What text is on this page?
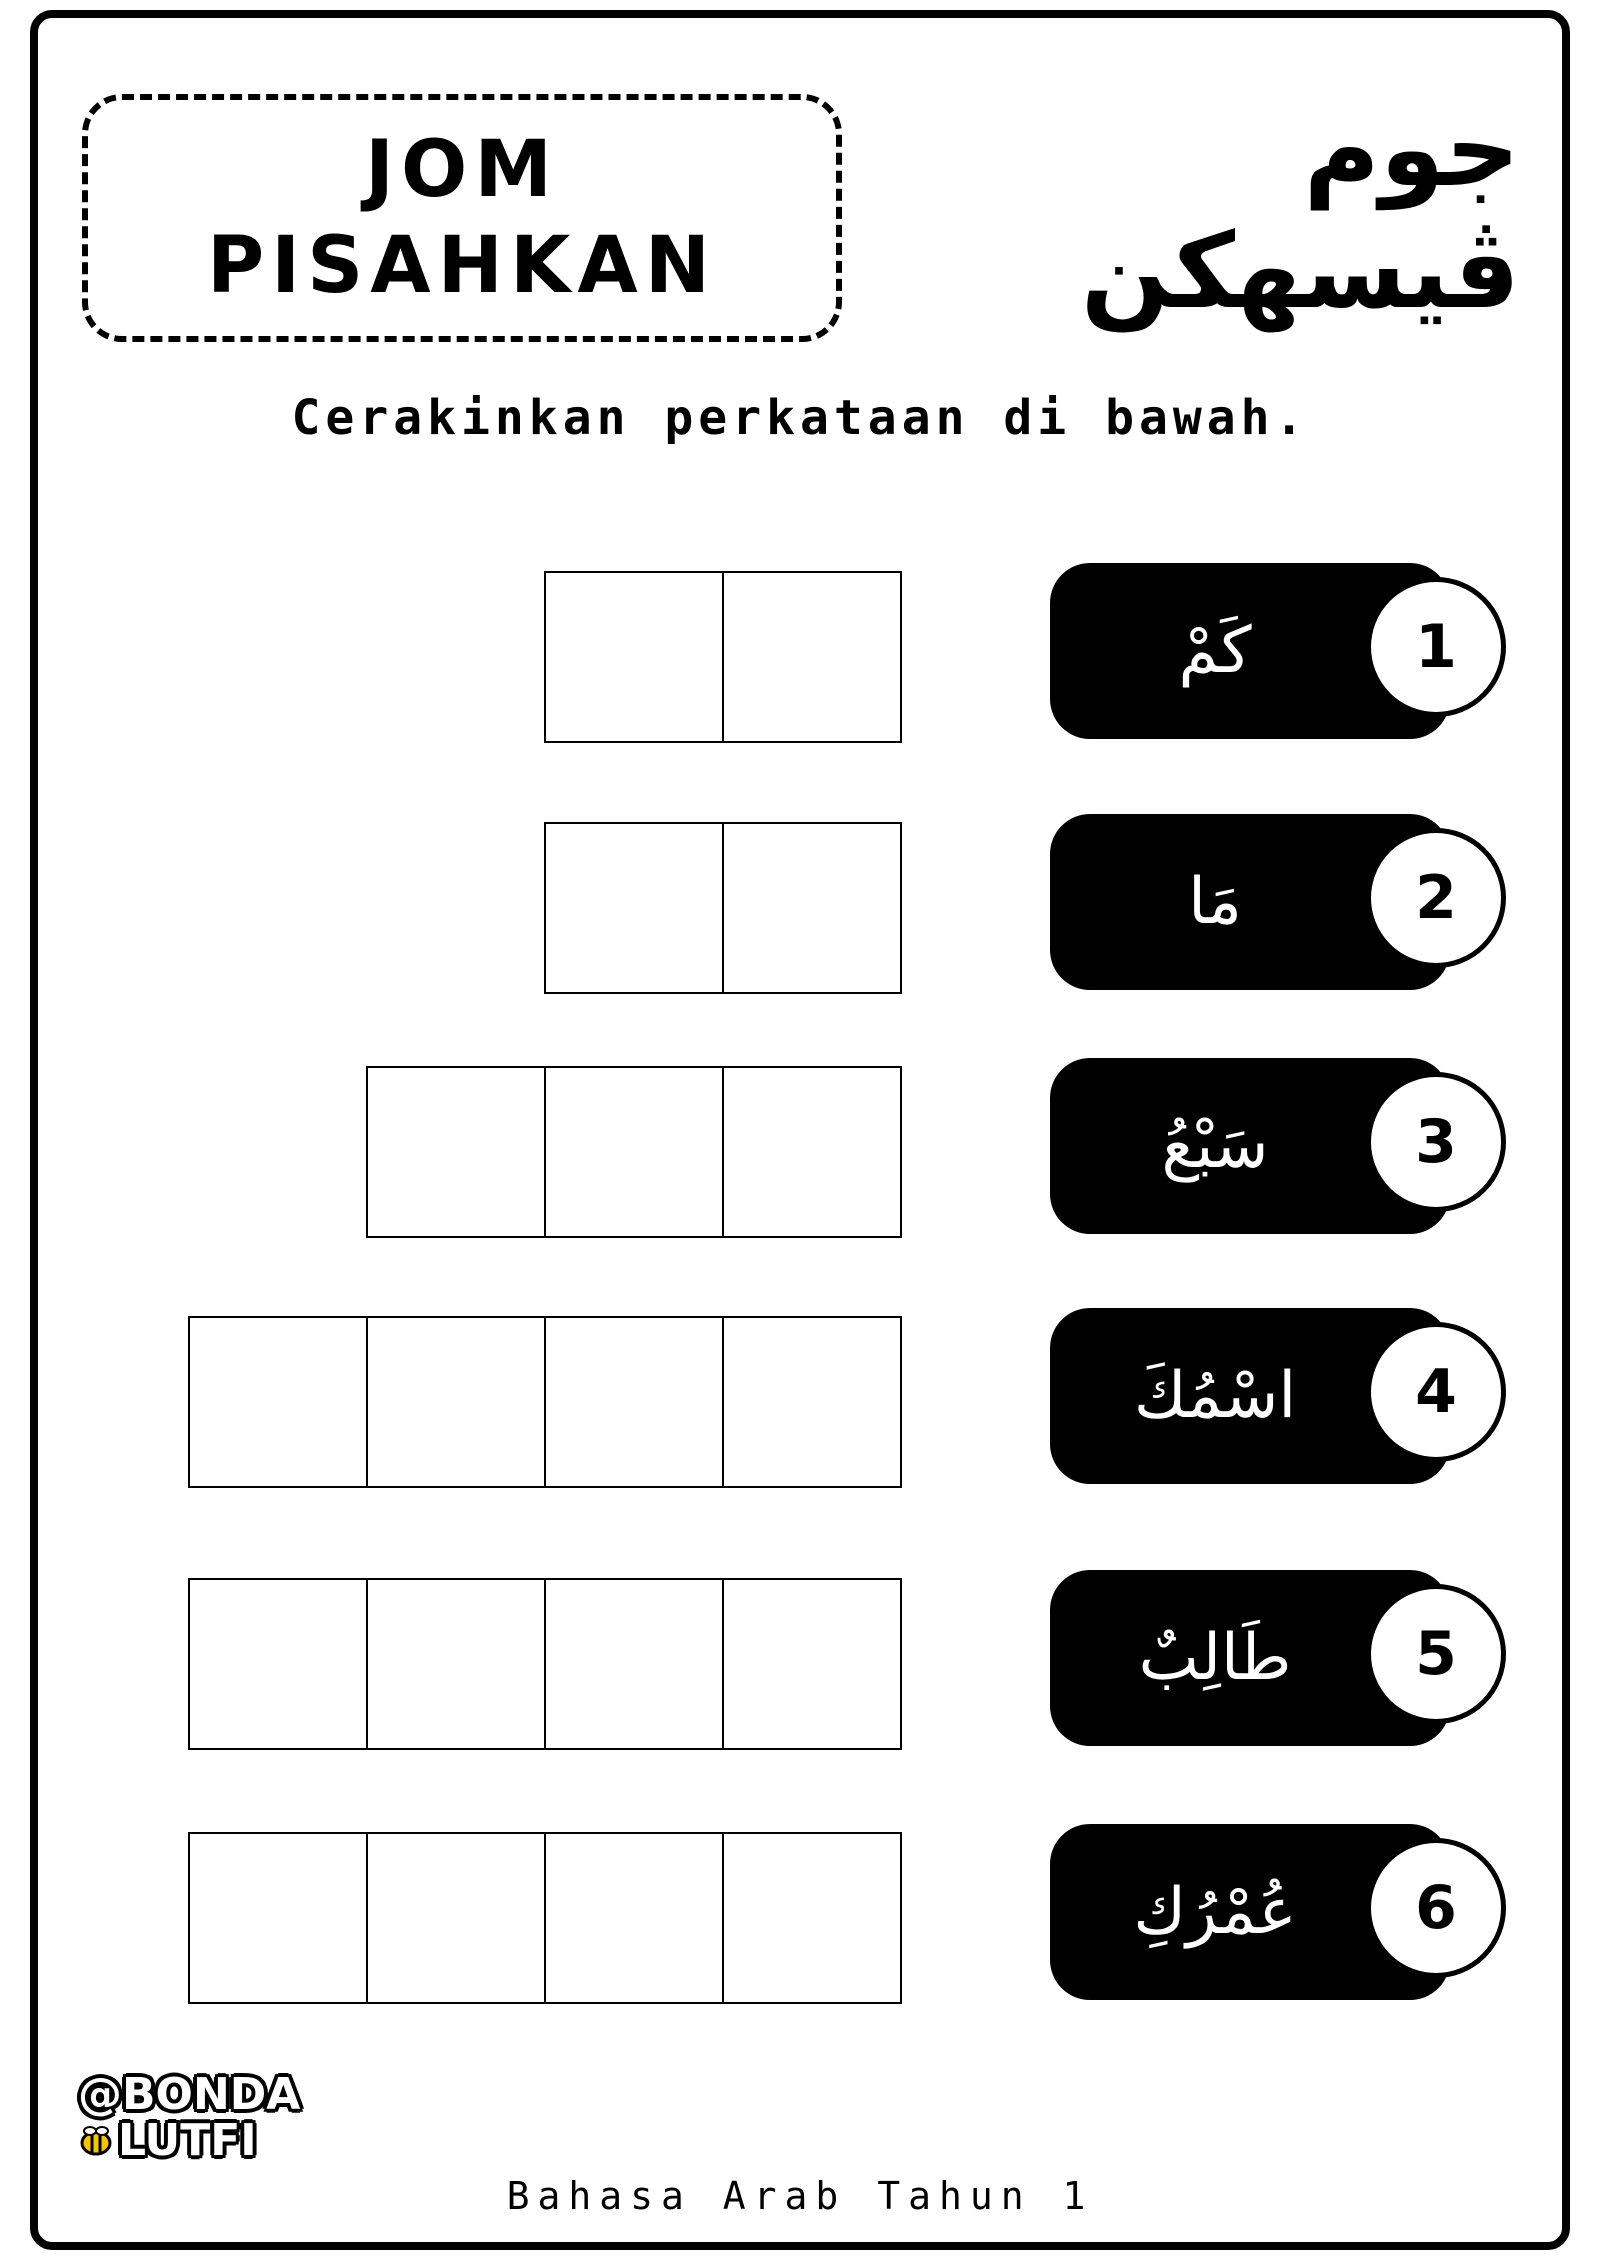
JOM
PISAHKAN
جوم ڤيسهكن
Cerakinkan perkataan di bawah.
كَمْ	1
مَا	2
سَبْعُ	3
اسْمُكَ	4
طَالِبٌ	5
عُمْرُكِ	6
@BONDA
LUTFI
Bahasa Arab Tahun 1
